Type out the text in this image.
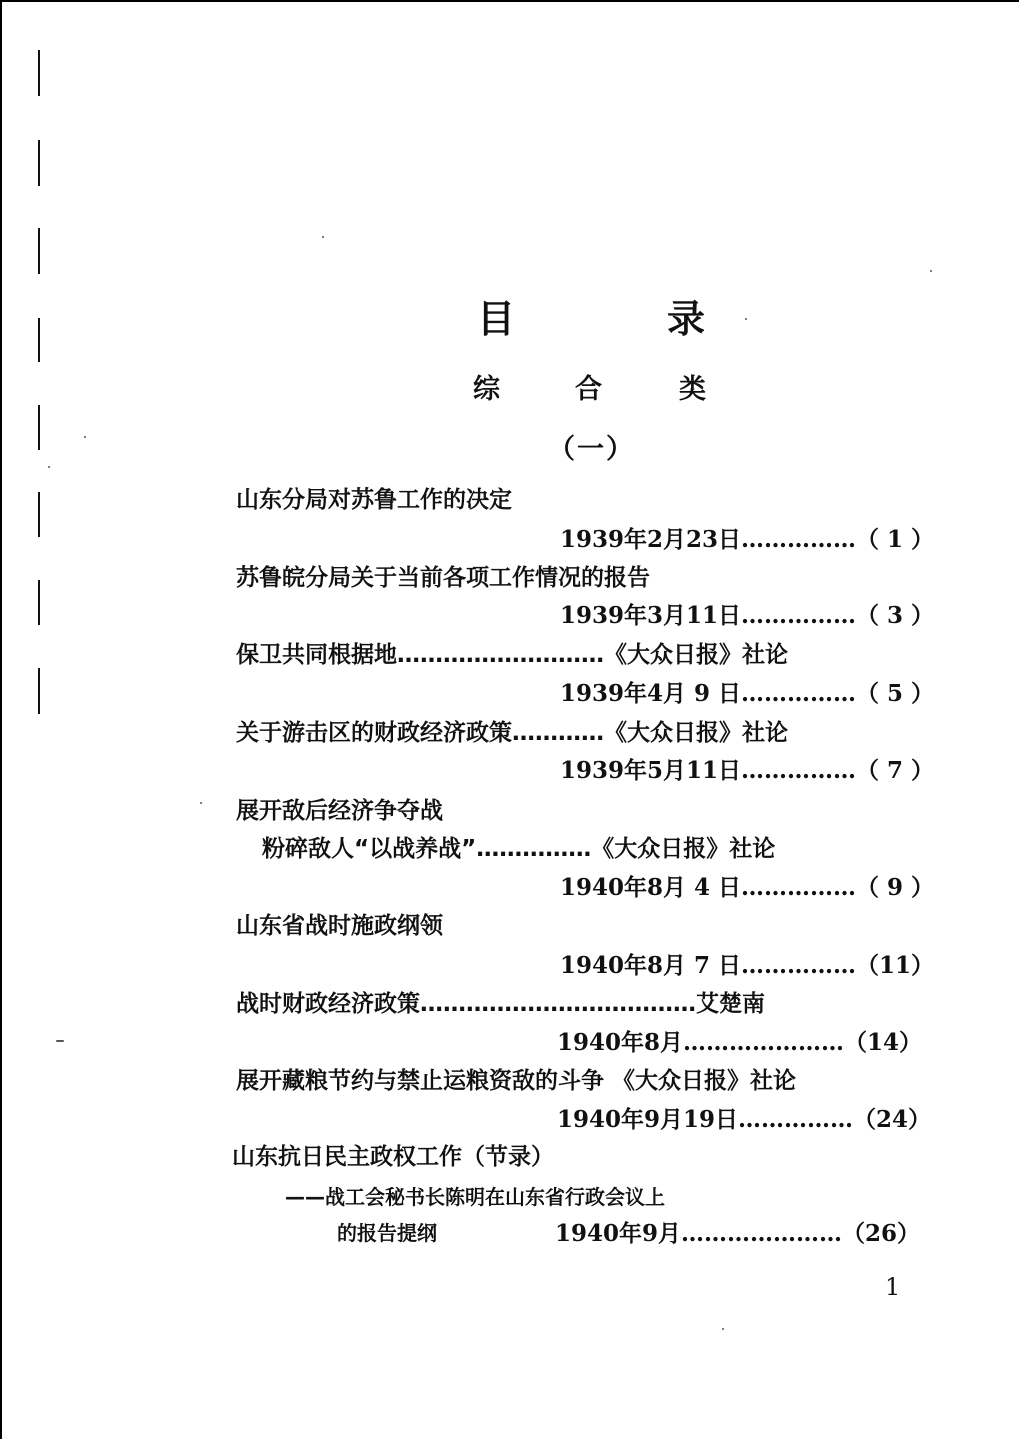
目	录
综	合	类
（一）
山东分局对苏鲁工作的决定
1939年2月23日……………（ 1 ）
苏鲁皖分局关于当前各项工作情况的报告
1939年3月11日……………（ 3 ）
保卫共同根据地………………………《大众日报》社论
1939年4月 9 日……………（ 5 ）
关于游击区的财政经济政策…………《大众日报》社论
1939年5月11日……………（ 7 ）
展开敌后经济争夺战
粉碎敌人“以战养战”……………《大众日报》社论
1940年8月 4 日……………（ 9 ）
山东省战时施政纲领
1940年8月 7 日……………（11）
战时财政经济政策………………………………艾楚南
1940年8月…………………（14）
展开藏粮节约与禁止运粮资敌的斗争 《大众日报》社论
1940年9月19日……………（24）
山东抗日民主政权工作（节录）
——战工会秘书长陈明在山东省行政会议上
的报告提纲	1940年9月…………………（26）
1
